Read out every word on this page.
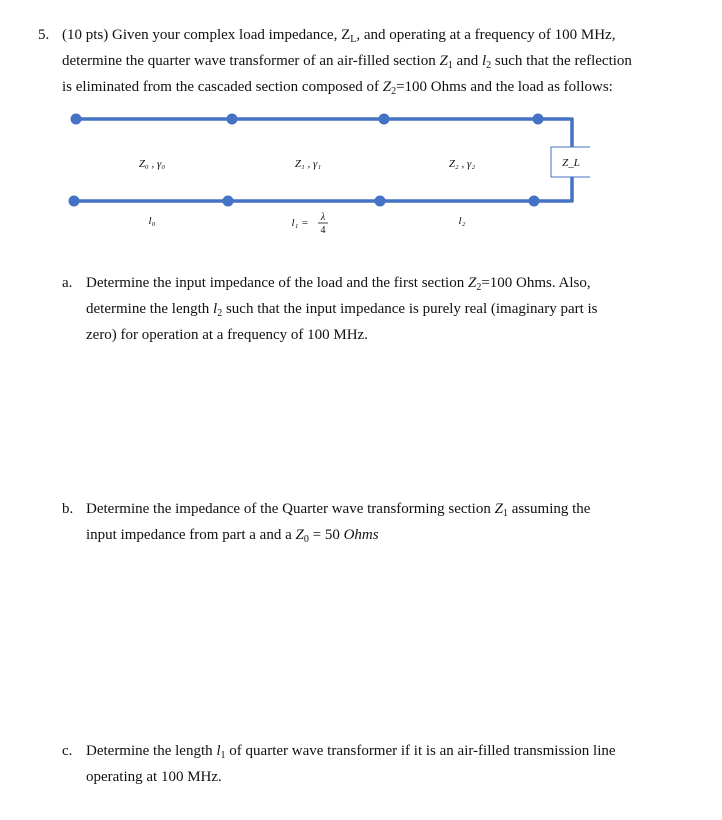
5. (10 pts) Given your complex load impedance, $Z_L$, and operating at a frequency of 100 MHz,
determine the quarter wave transformer of an air-filled section $Z_1$ and $l_2$ such that the reflection
is eliminated from the cascaded section composed of $Z_2=100$ Ohms and the load as follows:
Z₀ , γ₀	Z₁ , γ₁	Z₂ , γ₂	Z_L
l₀	l₁ = λ
4
l₂
a. Determine the input impedance of the load and the first section $Z_2=100$ Ohms. Also,
determine the length $l_2$ such that the input impedance is purely real (imaginary part is
zero) for operation at a frequency of 100 MHz.
b. Determine the impedance of the Quarter wave transforming section $Z_1$ assuming the
input impedance from part a and a $Z_0 = 50$ Ohms
c. Determine the length $l_1$ of quarter wave transformer if it is an air-filled transmission line
operating at 100 MHz.
